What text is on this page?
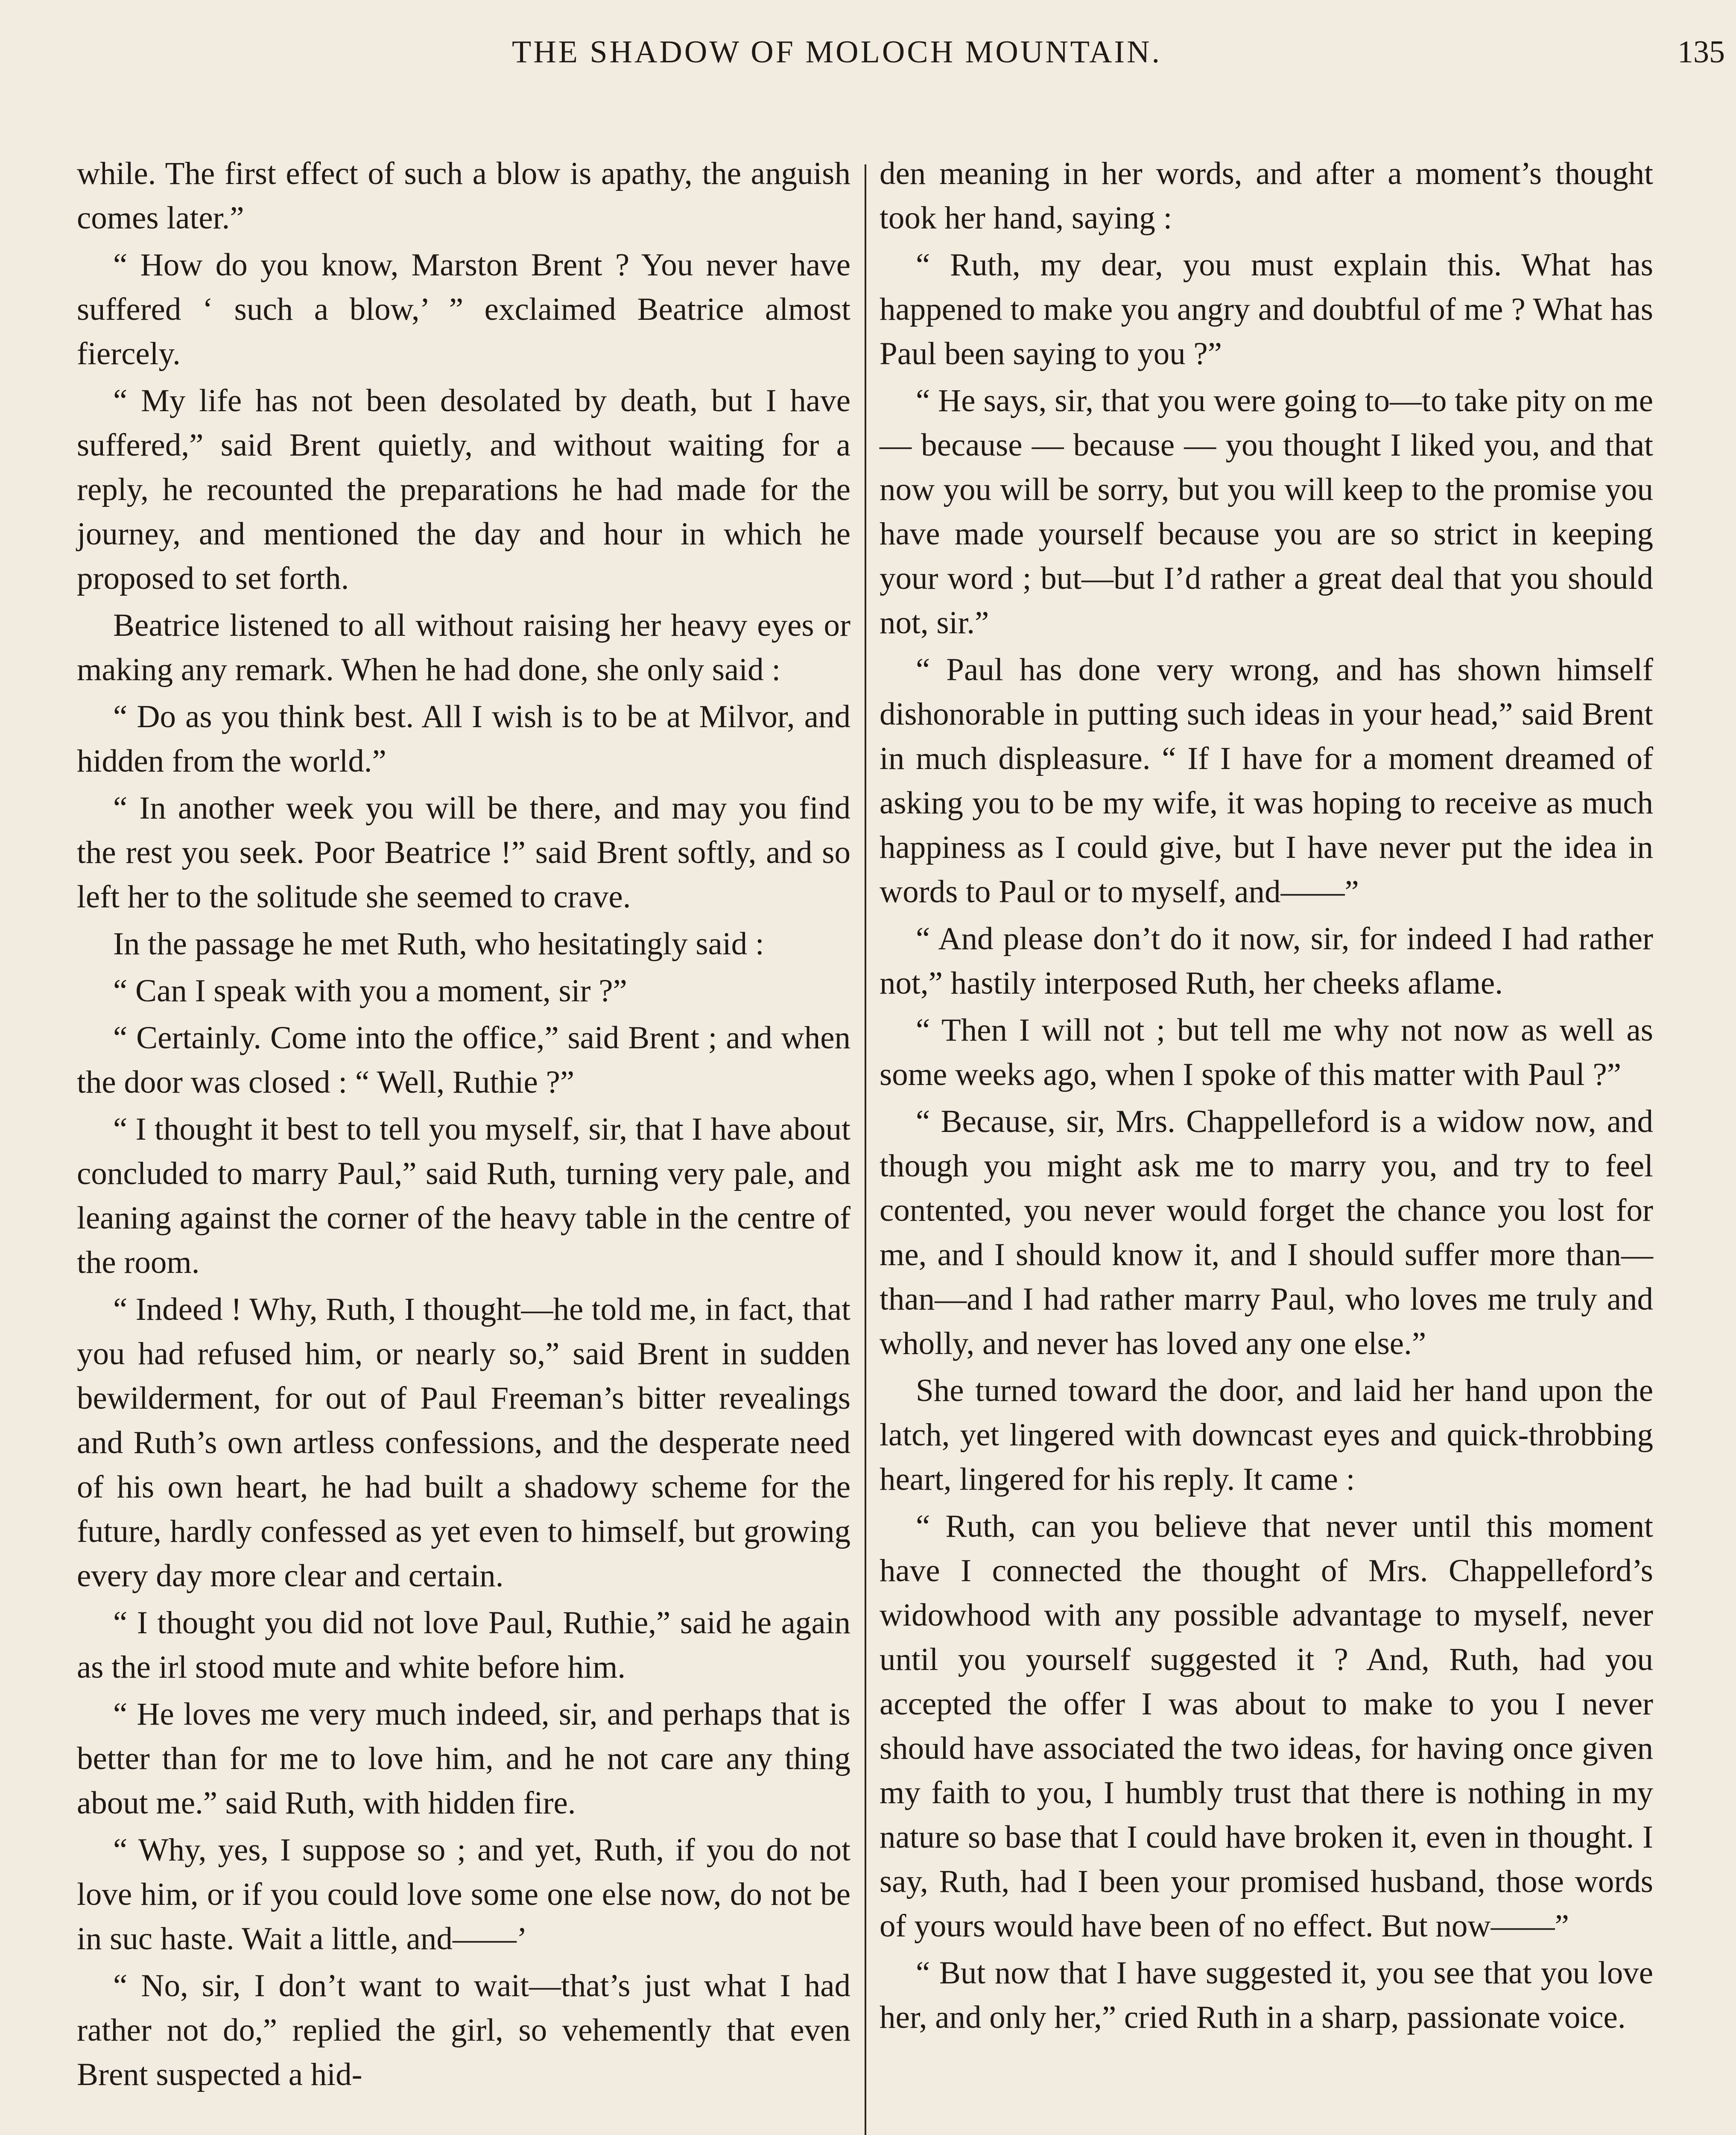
THE SHADOW OF MOLOCH MOUNTAIN.	135

while. The first effect of such a blow is apathy, the anguish comes later.”

“ How do you know, Marston Brent ? You never have suffered ‘ such a blow,’ ” exclaimed Beatrice almost fiercely.

“ My life has not been desolated by death, but I have suffered,” said Brent quietly, and without waiting for a reply, he recounted the preparations he had made for the journey, and mentioned the day and hour in which he proposed to set forth.

Beatrice listened to all without raising her heavy eyes or making any remark. When he had done, she only said :

“ Do as you think best. All I wish is to be at Milvor, and hidden from the world.”

“ In another week you will be there, and may you find the rest you seek. Poor Beatrice !” said Brent softly, and so left her to the solitude she seemed to crave.

In the passage he met Ruth, who hesitatingly said :

“ Can I speak with you a moment, sir ?”

“ Certainly. Come into the office,” said Brent ; and when the door was closed : “ Well, Ruthie ?”

“ I thought it best to tell you myself, sir, that I have about concluded to marry Paul,” said Ruth, turning very pale, and leaning against the corner of the heavy table in the centre of the room.

“ Indeed ! Why, Ruth, I thought—he told me, in fact, that you had refused him, or nearly so,” said Brent in sudden bewilderment, for out of Paul Freeman’s bitter revealings and Ruth’s own artless confessions, and the desperate need of his own heart, he had built a shadowy scheme for the future, hardly confessed as yet even to himself, but growing every day more clear and certain.

“ I thought you did not love Paul, Ruthie,” said he again as the irl stood mute and white before him.

“ He loves me very much indeed, sir, and perhaps that is better than for me to love him, and he not care any thing about me.” said Ruth, with hidden fire.

“ Why, yes, I suppose so ; and yet, Ruth, if you do not love him, or if you could love some one else now, do not be in suc haste. Wait a little, and——’

“ No, sir, I don’t want to wait—that’s just what I had rather not do,” replied the girl, so vehemently that even Brent suspected a hid-

den meaning in her words, and after a moment’s thought took her hand, saying :

“ Ruth, my dear, you must explain this. What has happened to make you angry and doubtful of me ? What has Paul been saying to you ?”

“ He says, sir, that you were going to—to take pity on me — because — because — you thought I liked you, and that now you will be sorry, but you will keep to the promise you have made yourself because you are so strict in keeping your word ; but—but I’d rather a great deal that you should not, sir.”

“ Paul has done very wrong, and has shown himself dishonorable in putting such ideas in your head,” said Brent in much displeasure. “ If I have for a moment dreamed of asking you to be my wife, it was hoping to receive as much happiness as I could give, but I have never put the idea in words to Paul or to myself, and——”

“ And please don’t do it now, sir, for indeed I had rather not,” hastily interposed Ruth, her cheeks aflame.

“ Then I will not ; but tell me why not now as well as some weeks ago, when I spoke of this matter with Paul ?”

“ Because, sir, Mrs. Chappelleford is a widow now, and though you might ask me to marry you, and try to feel contented, you never would forget the chance you lost for me, and I should know it, and I should suffer more than—than—and I had rather marry Paul, who loves me truly and wholly, and never has loved any one else.”

She turned toward the door, and laid her hand upon the latch, yet lingered with downcast eyes and quick-throbbing heart, lingered for his reply. It came :

“ Ruth, can you believe that never until this moment have I connected the thought of Mrs. Chappelleford’s widowhood with any possible advantage to myself, never until you yourself suggested it ? And, Ruth, had you accepted the offer I was about to make to you I never should have associated the two ideas, for having once given my faith to you, I humbly trust that there is nothing in my nature so base that I could have broken it, even in thought. I say, Ruth, had I been your promised husband, those words of yours would have been of no effect. But now——”

“ But now that I have suggested it, you see that you love her, and only her,” cried Ruth in a sharp, passionate voice.
